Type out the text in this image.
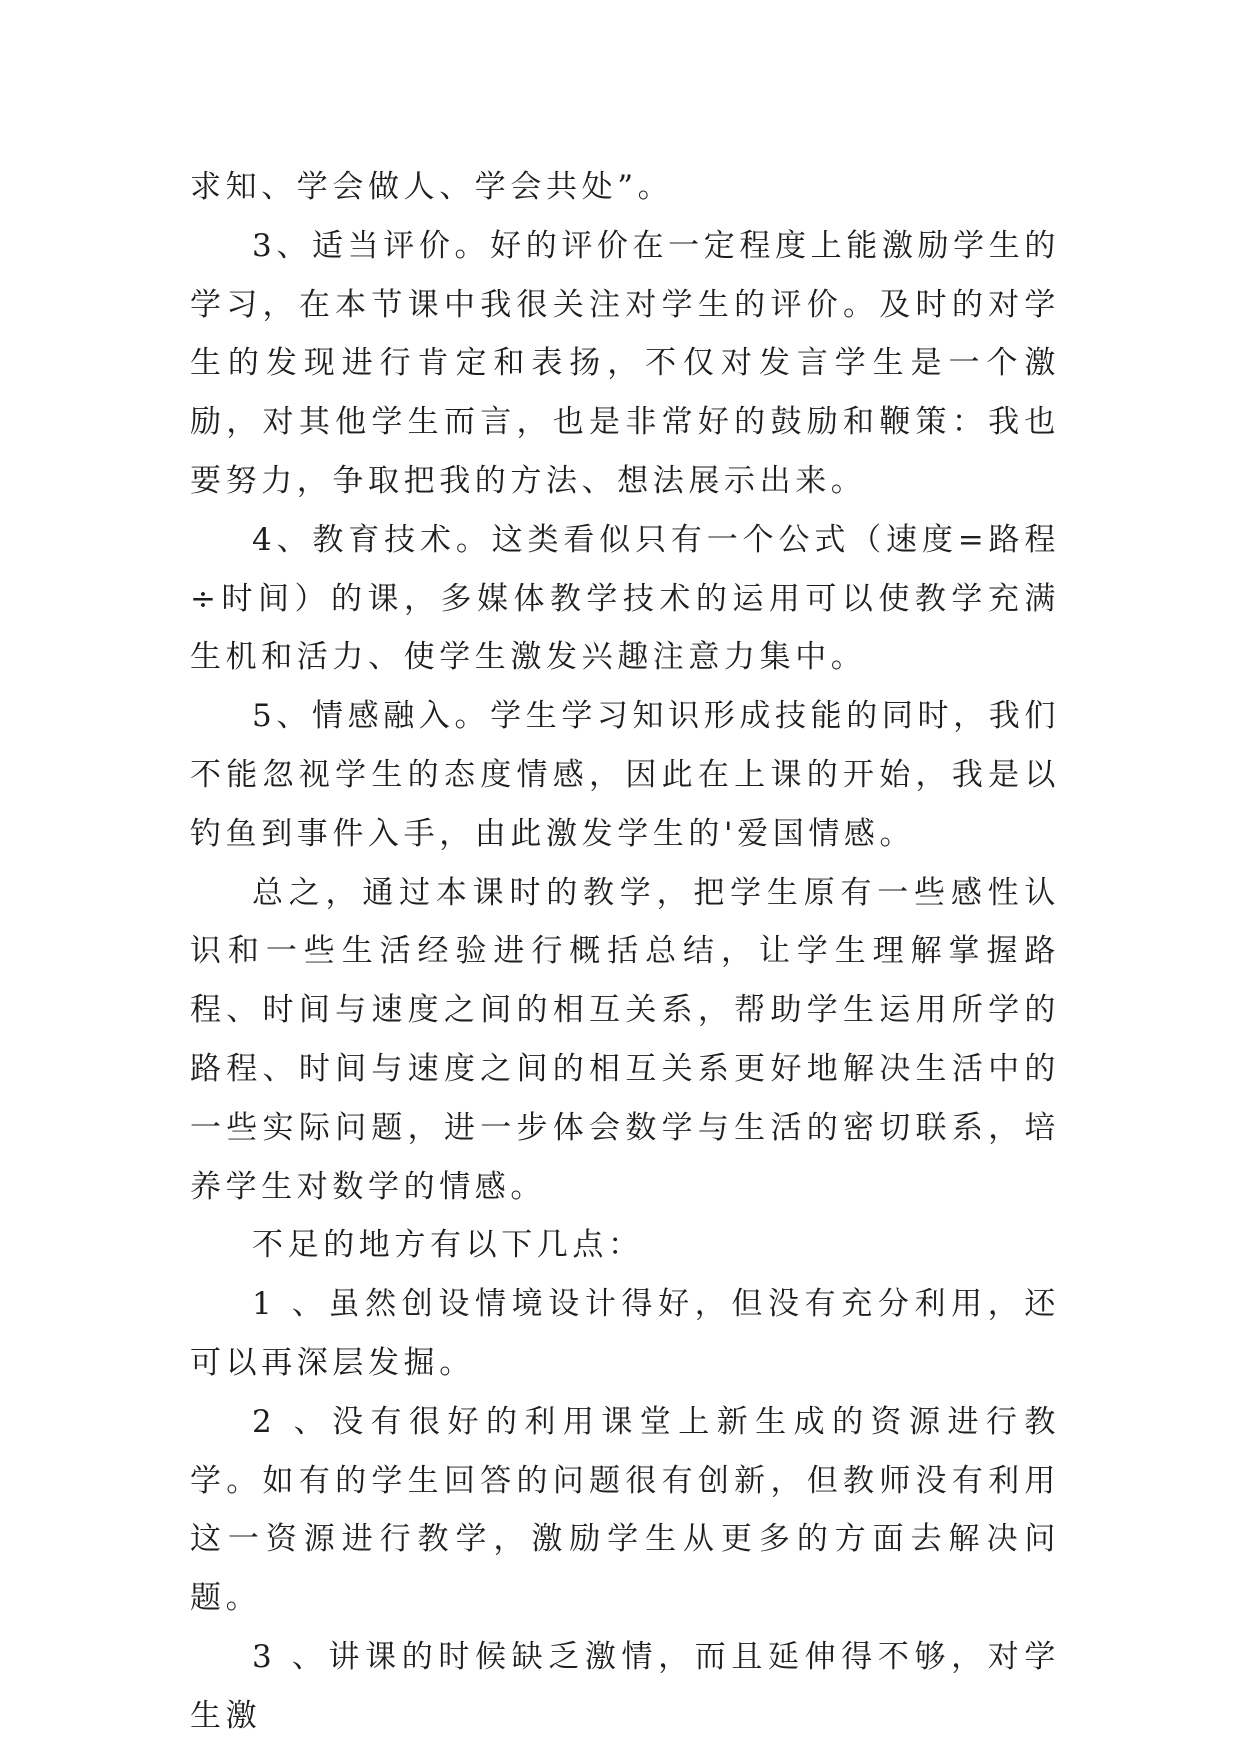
求知、学会做人、学会共处”。

3、适当评价。好的评价在一定程度上能激励学生的学习，在本节课中我很关注对学生的评价。及时的对学生的发现进行肯定和表扬，不仅对发言学生是一个激励，对其他学生而言，也是非常好的鼓励和鞭策：我也要努力，争取把我的方法、想法展示出来。

4、教育技术。这类看似只有一个公式（速度=路程÷时间）的课，多媒体教学技术的运用可以使教学充满生机和活力、使学生激发兴趣注意力集中。

5、情感融入。学生学习知识形成技能的同时，我们不能忽视学生的态度情感，因此在上课的开始，我是以钓鱼到事件入手，由此激发学生的'爱国情感。

总之，通过本课时的教学，把学生原有一些感性认识和一些生活经验进行概括总结，让学生理解掌握路程、时间与速度之间的相互关系，帮助学生运用所学的路程、时间与速度之间的相互关系更好地解决生活中的一些实际问题，进一步体会数学与生活的密切联系，培养学生对数学的情感。

不足的地方有以下几点：

1 、虽然创设情境设计得好，但没有充分利用，还可以再深层发掘。

2 、没有很好的利用课堂上新生成的资源进行教学。如有的学生回答的问题很有创新，但教师没有利用这一资源进行教学，激励学生从更多的方面去解决问题。

3 、讲课的时候缺乏激情，而且延伸得不够，对学生激
